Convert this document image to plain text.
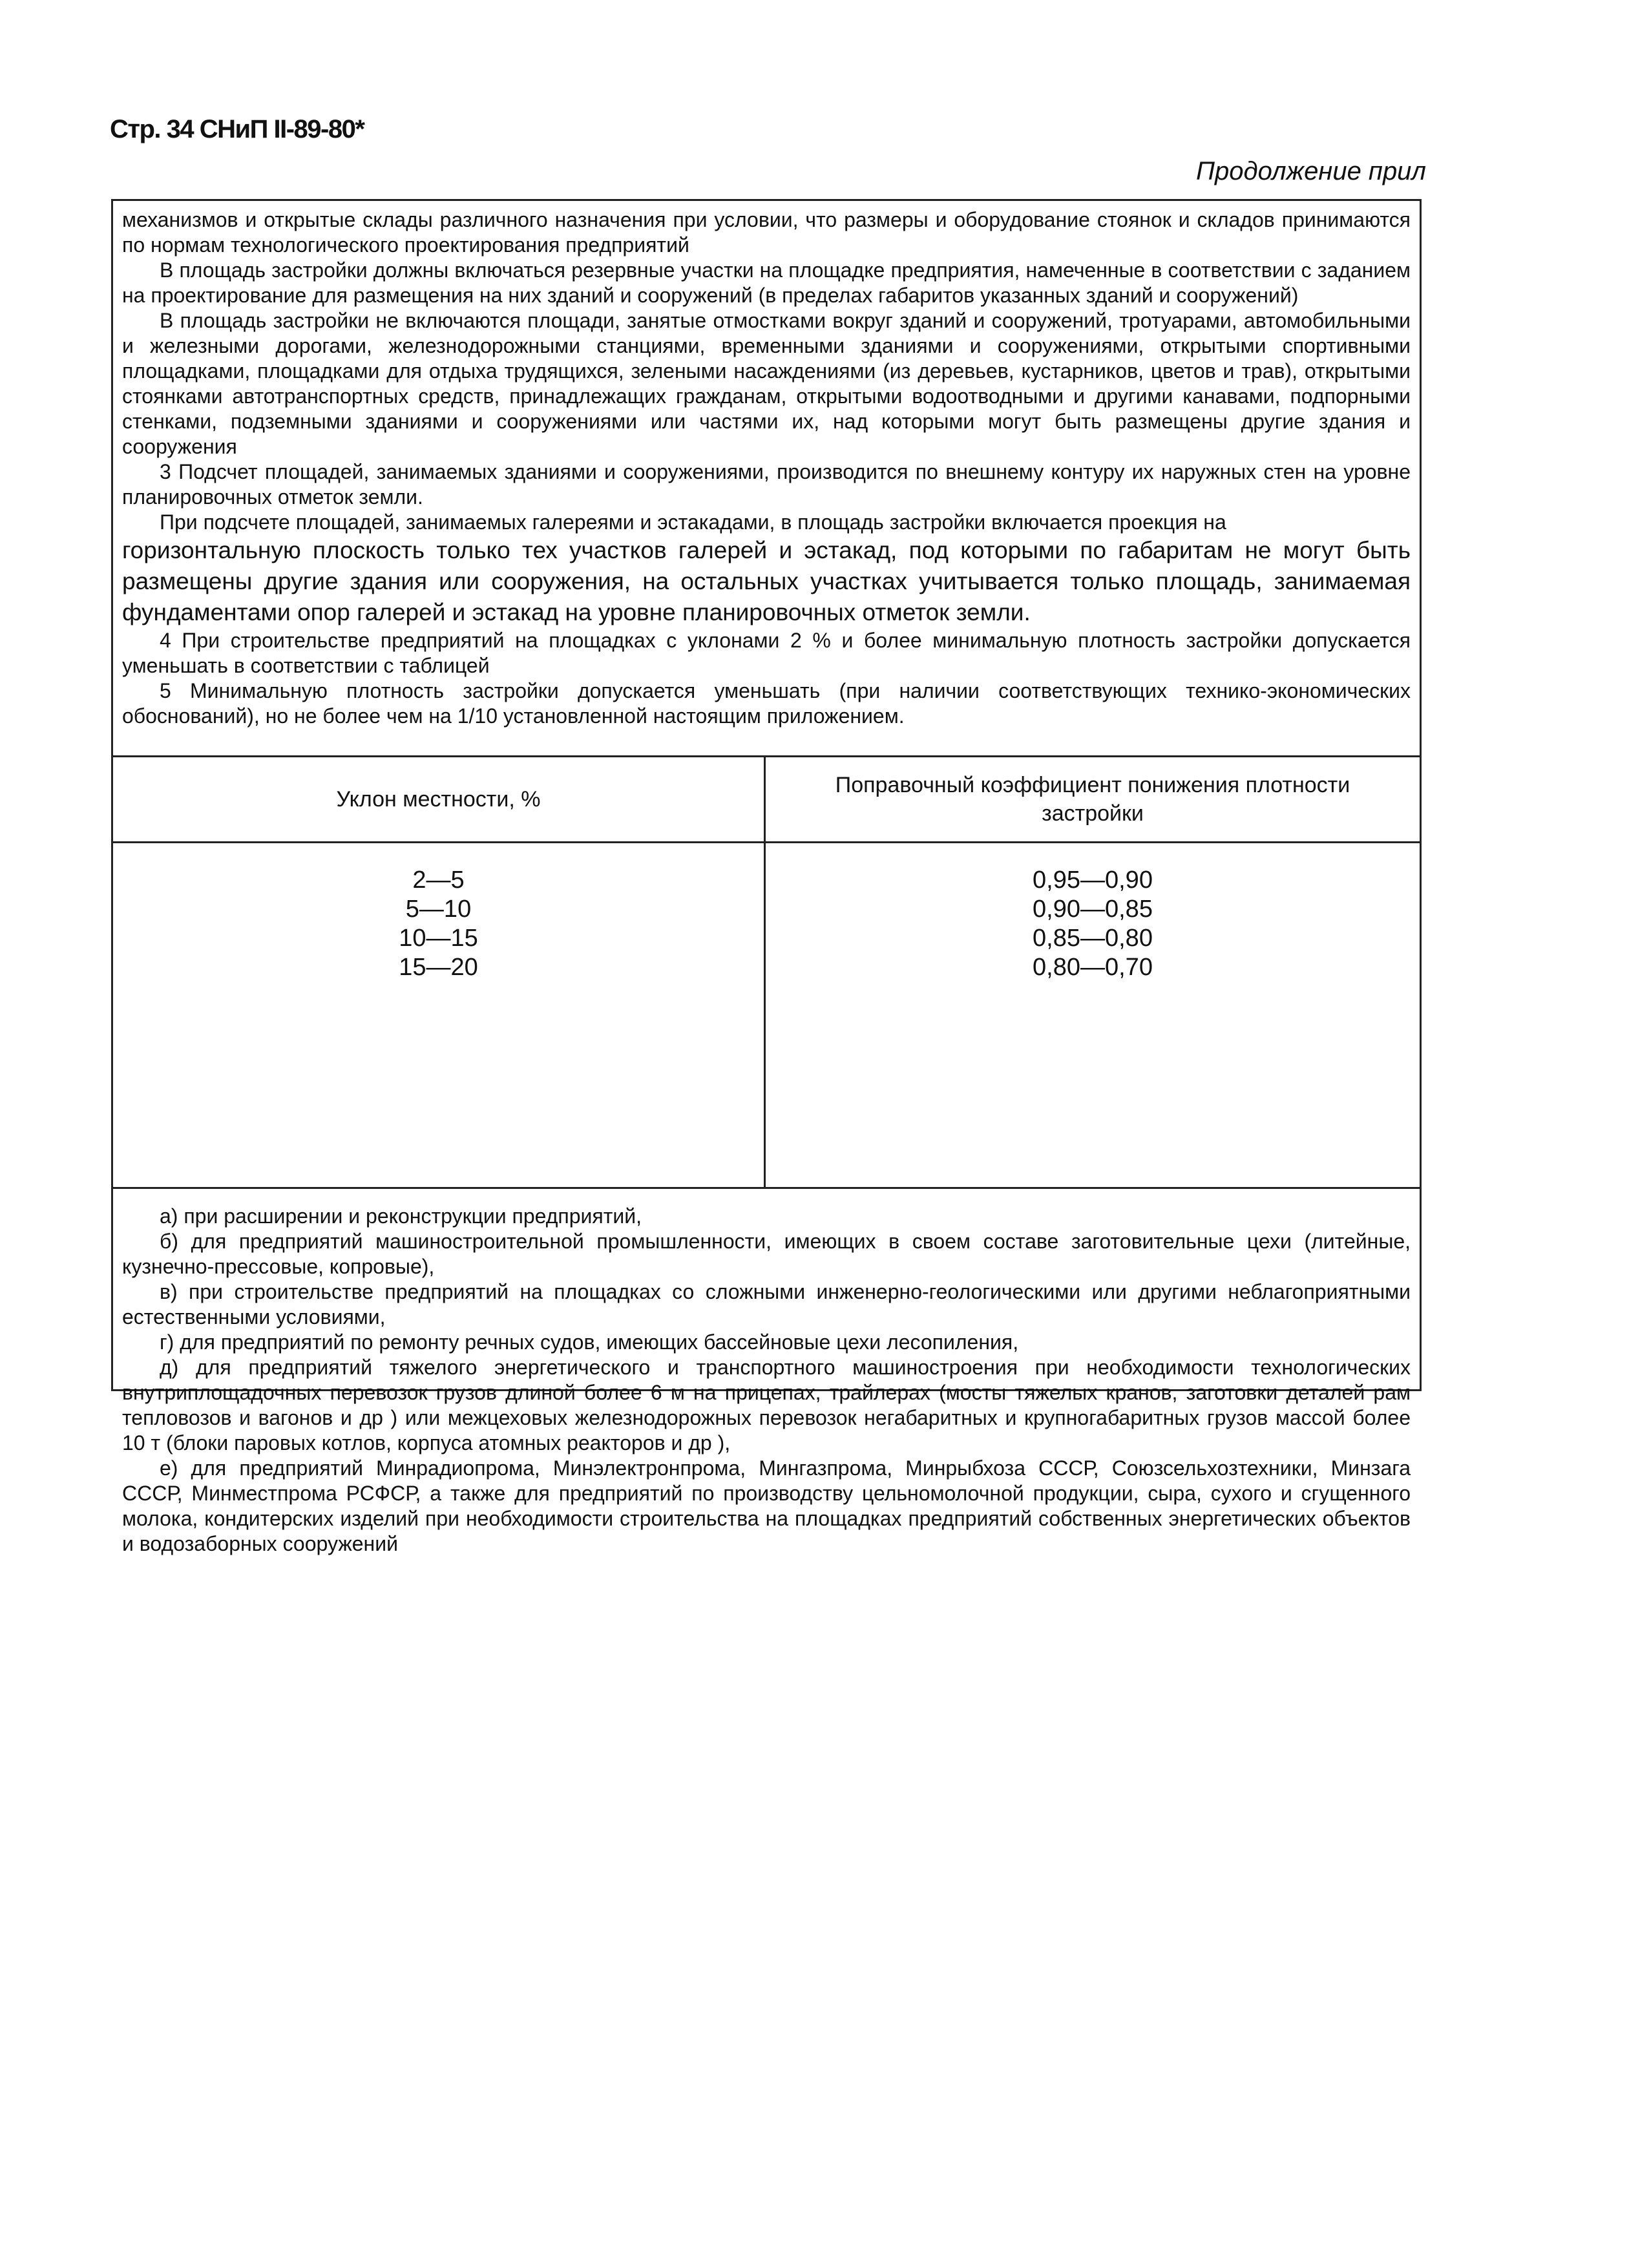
Стр. 34 СНиП II-89-80*
Продолжение прил

механизмов и открытые склады различного назначения при условии, что размеры и оборудование стоянок и складов принимаются по нормам технологического проектирования предприятий

В площадь застройки должны включаться резервные участки на площадке предприятия, намеченные в соответствии с заданием на проектирование для размещения на них зданий и сооружений (в пределах габаритов указанных зданий и сооружений)

В площадь застройки не включаются площади, занятые отмостками вокруг зданий и сооружений, тротуарами, автомобильными и железными дорогами, железнодорожными станциями, временными зданиями и сооружениями, открытыми спортивными площадками, площадками для отдыха трудящихся, зелеными насаждениями (из деревьев, кустарников, цветов и трав), открытыми стоянками автотранспортных средств, принадлежащих гражданам, открытыми водоотводными и другими канавами, подпорными стенками, подземными зданиями и сооружениями или частями их, над которыми могут быть размещены другие здания и сооружения

3 Подсчет площадей, занимаемых зданиями и сооружениями, производится по внешнему контуру их наружных стен на уровне планировочных отметок земли.

При подсчете площадей, занимаемых галереями и эстакадами, в площадь застройки включается проекция на

горизонтальную плоскость только тех участков галерей и эстакад, под которыми по габаритам не могут быть размещены другие здания или сооружения, на остальных участках учитывается только площадь, занимаемая фундаментами опор галерей и эстакад на уровне планировочных отметок земли.

4 При строительстве предприятий на площадках с уклонами 2 % и более минимальную плотность застройки допускается уменьшать в соответствии с таблицей

5 Минимальную плотность застройки допускается уменьшать (при наличии соответствующих технико-экономических обоснований), но не более чем на 1/10 установленной настоящим приложением.

Уклон местности, %
Поправочный коэффициент понижения плотности застройки
2—5
5—10
10—15
15—20
0,95—0,90
0,90—0,85
0,85—0,80
0,80—0,70

а) при расширении и реконструкции предприятий,

б) для предприятий машиностроительной промышленности, имеющих в своем составе заготовительные цехи (литейные, кузнечно-прессовые, копровые),

в) при строительстве предприятий на площадках со сложными инженерно-геологическими или другими неблагоприятными естественными условиями,

г) для предприятий по ремонту речных судов, имеющих бассейновые цехи лесопиления,

д) для предприятий тяжелого энергетического и транспортного машиностроения при необходимости технологических внутриплощадочных перевозок грузов длиной более 6 м на прицепах, трайлерах (мосты тяжелых кранов, заготовки деталей рам тепловозов и вагонов и др ) или межцеховых железнодорожных перевозок негабаритных и крупногабаритных грузов массой более 10 т (блоки паровых котлов, корпуса атомных реакторов и др ),

е) для предприятий Минрадиопрома, Минэлектронпрома, Мингазпрома, Минрыбхоза СССР, Союзсельхозтехники, Минзага СССР, Минместпрома РСФСР, а также для предприятий по производству цельномолочной продукции, сыра, сухого и сгущенного молока, кондитерских изделий при необходимости строительства на площадках предприятий собственных энергетических объектов и водозаборных сооружений
